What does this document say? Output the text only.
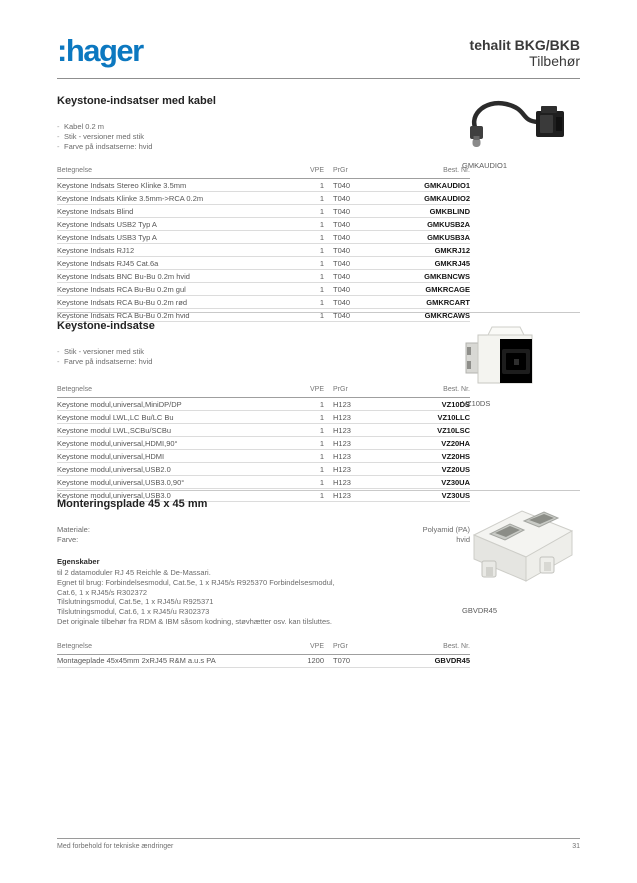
:hager	tehalit BKG/BKB
Tilbehør
Keystone-indsatser med kabel
- Kabel 0.2 m
- Stik - versioner med stik
- Farve på indsatserne: hvid
Betegnelse	VPE	PrGr	Best. Nr.
Keystone Indsats Stereo Klinke 3.5mm	1	T040	GMKAUDIO1
Keystone Indsats Klinke 3.5mm->RCA 0.2m	1	T040	GMKAUDIO2
Keystone Indsats Blind	1	T040	GMKBLIND
Keystone Indsats USB2 Typ A	1	T040	GMKUSB2A
Keystone Indsats USB3 Typ A	1	T040	GMKUSB3A
Keystone Indsats RJ12	1	T040	GMKRJ12
Keystone Indsats RJ45 Cat.6a	1	T040	GMKRJ45
Keystone Indsats BNC Bu-Bu 0.2m hvid	1	T040	GMKBNCWS
Keystone Indsats RCA Bu-Bu 0.2m gul	1	T040	GMKRCAGE
Keystone Indsats RCA Bu-Bu 0.2m rød	1	T040	GMKRCART
Keystone Indsats RCA Bu-Bu 0.2m hvid	1	T040	GMKRCAWS
GMKAUDIO1
Keystone-indsatse
- Stik - versioner med stik
- Farve på indsatserne: hvid
Betegnelse	VPE	PrGr	Best. Nr.
Keystone modul,universal,MiniDP/DP	1	H123	VZ10DS
Keystone modul LWL,LC Bu/LC Bu	1	H123	VZ10LLC
Keystone modul LWL,SCBu/SCBu	1	H123	VZ10LSC
Keystone modul,universal,HDMI,90°	1	H123	VZ20HA
Keystone modul,universal,HDMI	1	H123	VZ20HS
Keystone modul,universal,USB2.0	1	H123	VZ20US
Keystone modul,universal,USB3.0,90°	1	H123	VZ30UA
Keystone modul,universal,USB3.0	1	H123	VZ30US
VZ10DS
Monteringsplade 45 x 45 mm
Materiale:	Polyamid (PA)
Farve:	hvid
Egenskaber
til 2 datamoduler RJ 45 Reichle & De-Massari.
Egnet til brug: Forbindelsesmodul, Cat.5e, 1 x RJ45/s R925370 Forbindelsesmodul,
Cat.6, 1 x RJ45/s R302372
Tilslutningsmodul, Cat.5e, 1 x RJ45/u R925371
Tilslutningsmodul, Cat.6, 1 x RJ45/u R302373
Det originale tilbehør fra RDM & IBM såsom kodning, støvhætter osv. kan tilsluttes.
Betegnelse	VPE	PrGr	Best. Nr.
Montageplade 45x45mm 2xRJ45 R&M a.u.s PA	1200	T070	GBVDR45
GBVDR45
Med forbehold for tekniske ændringer	31
